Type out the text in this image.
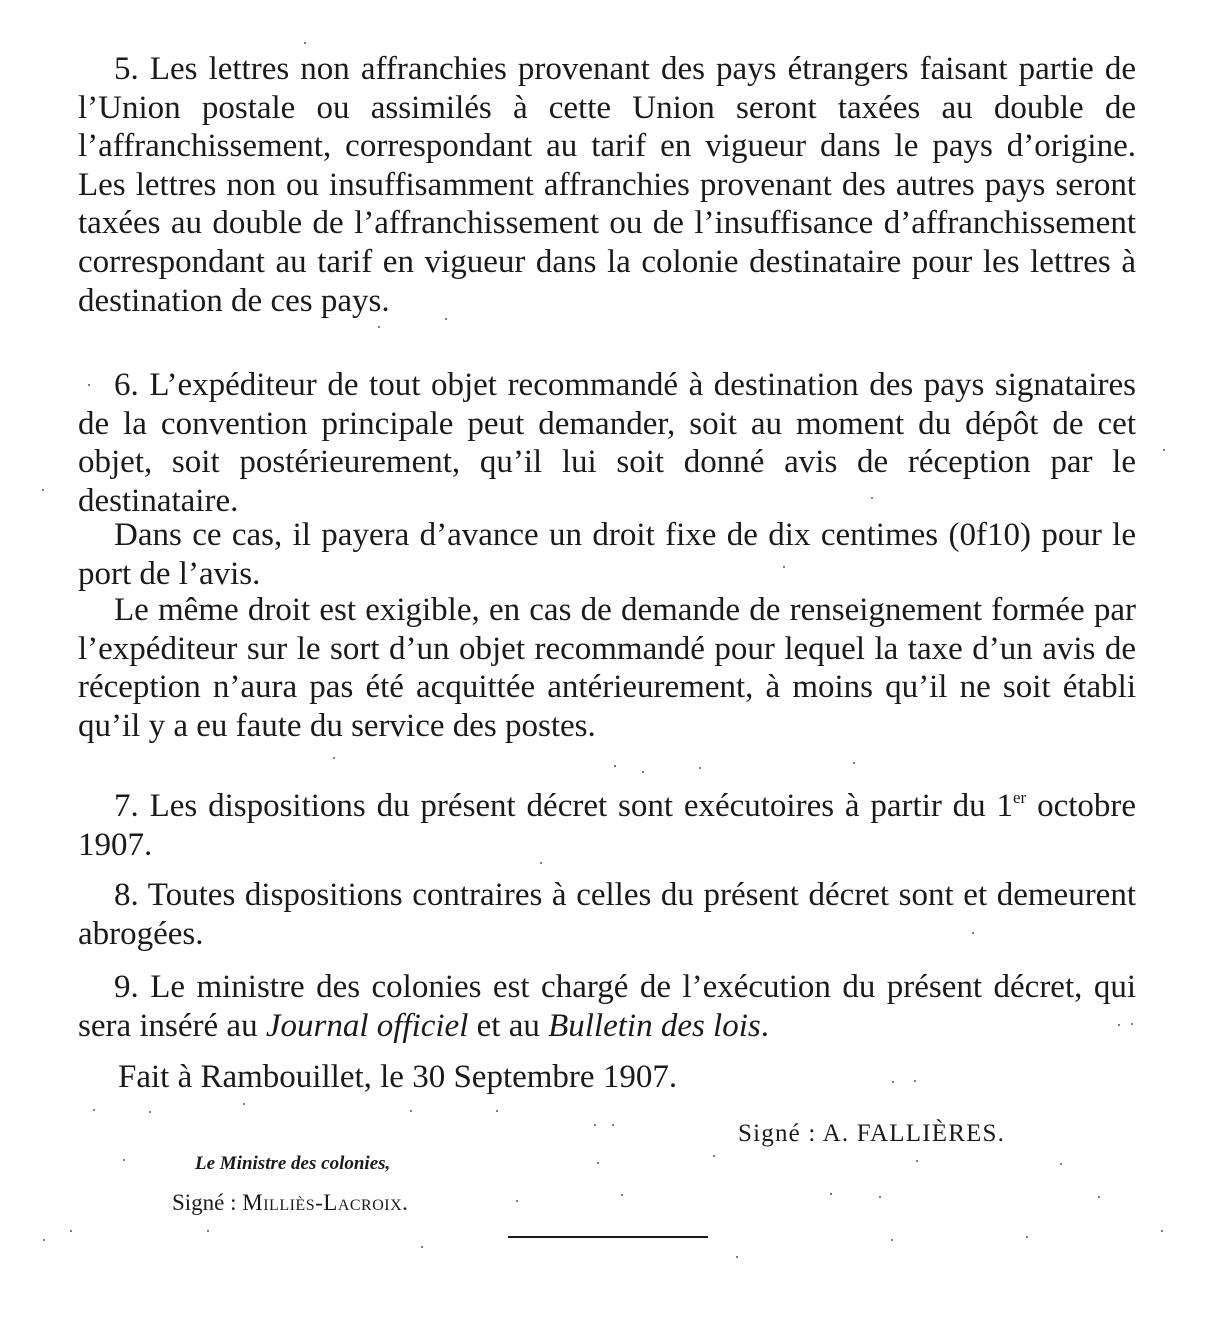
5. Les lettres non affranchies provenant des pays étrangers faisant partie de l’Union postale ou assimilés à cette Union seront taxées au double de l’affranchissement, correspondant au tarif en vigueur dans le pays d’origine. Les lettres non ou insuffisamment affranchies provenant des autres pays seront taxées au double de l’affranchissement ou de l’insuffisance d’affranchissement correspondant au tarif en vigueur dans la colonie destinataire pour les lettres à destination de ces pays.

6. L’expéditeur de tout objet recommandé à destination des pays signataires de la convention principale peut demander, soit au moment du dépôt de cet objet, soit postérieurement, qu’il lui soit donné avis de réception par le destinataire.

Dans ce cas, il payera d’avance un droit fixe de dix centimes (0f10) pour le port de l’avis.

Le même droit est exigible, en cas de demande de renseignement formée par l’expéditeur sur le sort d’un objet recommandé pour lequel la taxe d’un avis de réception n’aura pas été acquittée antérieurement, à moins qu’il ne soit établi qu’il y a eu faute du service des postes.

7. Les dispositions du présent décret sont exécutoires à partir du 1er octobre 1907.

8. Toutes dispositions contraires à celles du présent décret sont et demeurent abrogées.

9. Le ministre des colonies est chargé de l’exécution du présent décret, qui sera inséré au Journal officiel et au Bulletin des lois.

Fait à Rambouillet, le 30 Septembre 1907.
Signé : A. FALLIÈRES.
Le Ministre des colonies,
Signé : Milliès-Lacroix.
